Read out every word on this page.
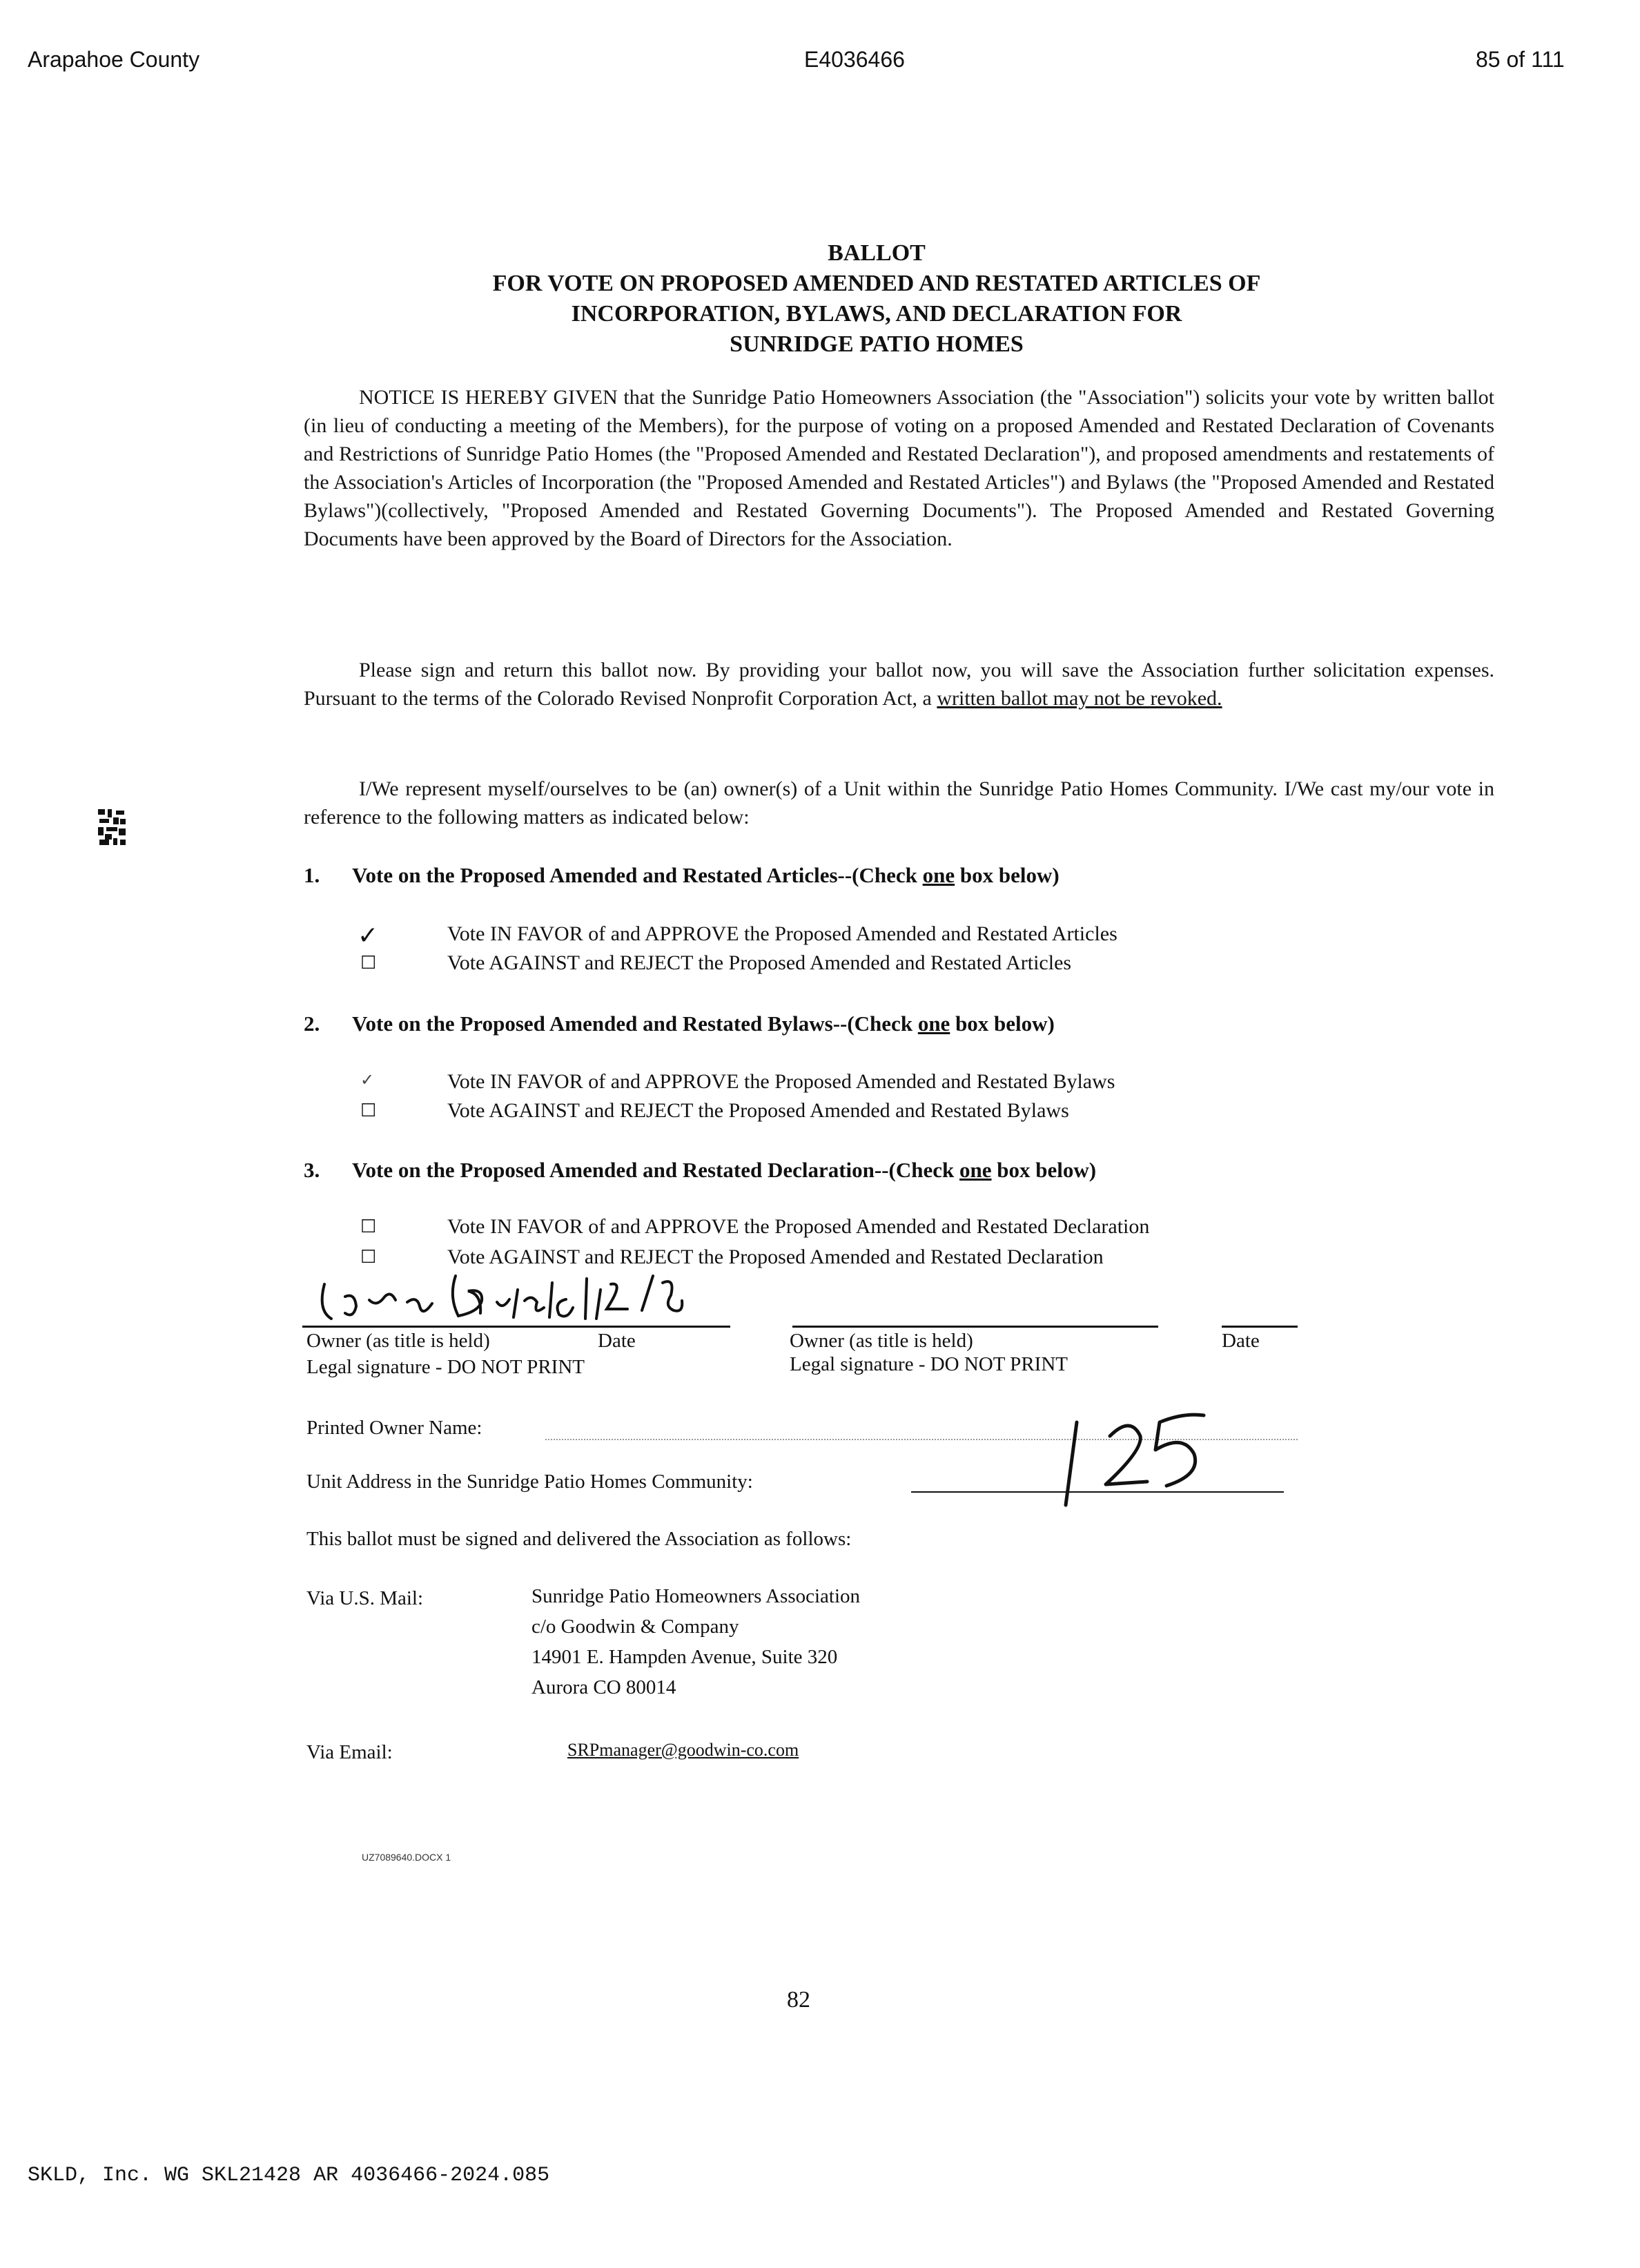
Arapahoe County	E4036466	85 of 111
BALLOT
FOR VOTE ON PROPOSED AMENDED AND RESTATED ARTICLES OF
INCORPORATION, BYLAWS, AND DECLARATION FOR
SUNRIDGE PATIO HOMES
NOTICE IS HEREBY GIVEN that the Sunridge Patio Homeowners Association (the "Association") solicits your vote by written ballot (in lieu of conducting a meeting of the Members), for the purpose of voting on a proposed Amended and Restated Declaration of Covenants and Restrictions of Sunridge Patio Homes (the "Proposed Amended and Restated Declaration"), and proposed amendments and restatements of the Association's Articles of Incorporation (the "Proposed Amended and Restated Articles") and Bylaws (the "Proposed Amended and Restated Bylaws")(collectively, "Proposed Amended and Restated Governing Documents"). The Proposed Amended and Restated Governing Documents have been approved by the Board of Directors for the Association.
Please sign and return this ballot now. By providing your ballot now, you will save the Association further solicitation expenses. Pursuant to the terms of the Colorado Revised Nonprofit Corporation Act, a written ballot may not be revoked.
I/We represent myself/ourselves to be (an) owner(s) of a Unit within the Sunridge Patio Homes Community. I/We cast my/our vote in reference to the following matters as indicated below:
1. Vote on the Proposed Amended and Restated Articles--(Check one box below)
✓	Vote IN FAVOR of and APPROVE the Proposed Amended and Restated Articles
☐	Vote AGAINST and REJECT the Proposed Amended and Restated Articles
2. Vote on the Proposed Amended and Restated Bylaws--(Check one box below)
✓	Vote IN FAVOR of and APPROVE the Proposed Amended and Restated Bylaws
☐	Vote AGAINST and REJECT the Proposed Amended and Restated Bylaws
3. Vote on the Proposed Amended and Restated Declaration--(Check one box below)
☐	Vote IN FAVOR of and APPROVE the Proposed Amended and Restated Declaration
☐	Vote AGAINST and REJECT the Proposed Amended and Restated Declaration
Owner (as title is held)	Date
Legal signature - DO NOT PRINT
Owner (as title is held)	Date
Legal signature - DO NOT PRINT
Printed Owner Name:
Unit Address in the Sunridge Patio Homes Community:
This ballot must be signed and delivered the Association as follows:
Via U.S. Mail:	Sunridge Patio Homeowners Association
c/o Goodwin & Company
14901 E. Hampden Avenue, Suite 320
Aurora CO 80014
Via Email:	SRPmanager@goodwin-co.com
UZ7089640.DOCX 1
82
SKLD, Inc. WG SKL21428 AR 4036466-2024.085
